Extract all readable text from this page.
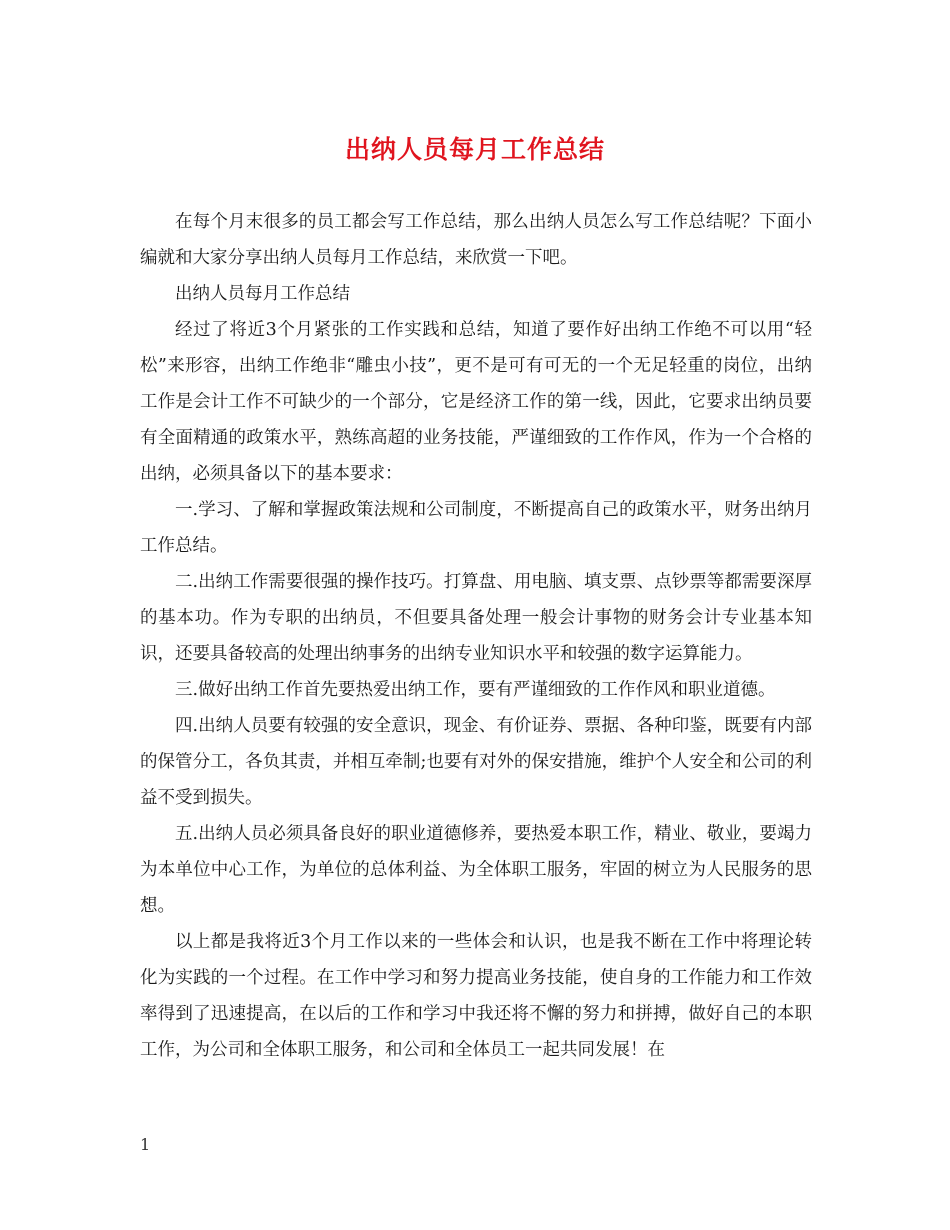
出纳人员每月工作总结

在每个月末很多的员工都会写工作总结，那么出纳人员怎么写工作总结呢？下面小编就和大家分享出纳人员每月工作总结，来欣赏一下吧。

出纳人员每月工作总结

经过了将近3个月紧张的工作实践和总结，知道了要作好出纳工作绝不可以用“轻松”来形容，出纳工作绝非“雕虫小技”，更不是可有可无的一个无足轻重的岗位，出纳工作是会计工作不可缺少的一个部分，它是经济工作的第一线，因此，它要求出纳员要有全面精通的政策水平，熟练高超的业务技能，严谨细致的工作作风，作为一个合格的出纳，必须具备以下的基本要求：

一.学习、了解和掌握政策法规和公司制度，不断提高自己的政策水平，财务出纳月工作总结。

二.出纳工作需要很强的操作技巧。打算盘、用电脑、填支票、点钞票等都需要深厚的基本功。作为专职的出纳员，不但要具备处理一般会计事物的财务会计专业基本知识，还要具备较高的处理出纳事务的出纳专业知识水平和较强的数字运算能力。

三.做好出纳工作首先要热爱出纳工作，要有严谨细致的工作作风和职业道德。

四.出纳人员要有较强的安全意识，现金、有价证券、票据、各种印鉴，既要有内部的保管分工，各负其责，并相互牵制;也要有对外的保安措施，维护个人安全和公司的利益不受到损失。

五.出纳人员必须具备良好的职业道德修养，要热爱本职工作，精业、敬业，要竭力为本单位中心工作，为单位的总体利益、为全体职工服务，牢固的树立为人民服务的思想。

以上都是我将近3个月工作以来的一些体会和认识，也是我不断在工作中将理论转化为实践的一个过程。在工作中学习和努力提高业务技能，使自身的工作能力和工作效率得到了迅速提高，在以后的工作和学习中我还将不懈的努力和拼搏，做好自己的本职工作，为公司和全体职工服务，和公司和全体员工一起共同发展！在

1
